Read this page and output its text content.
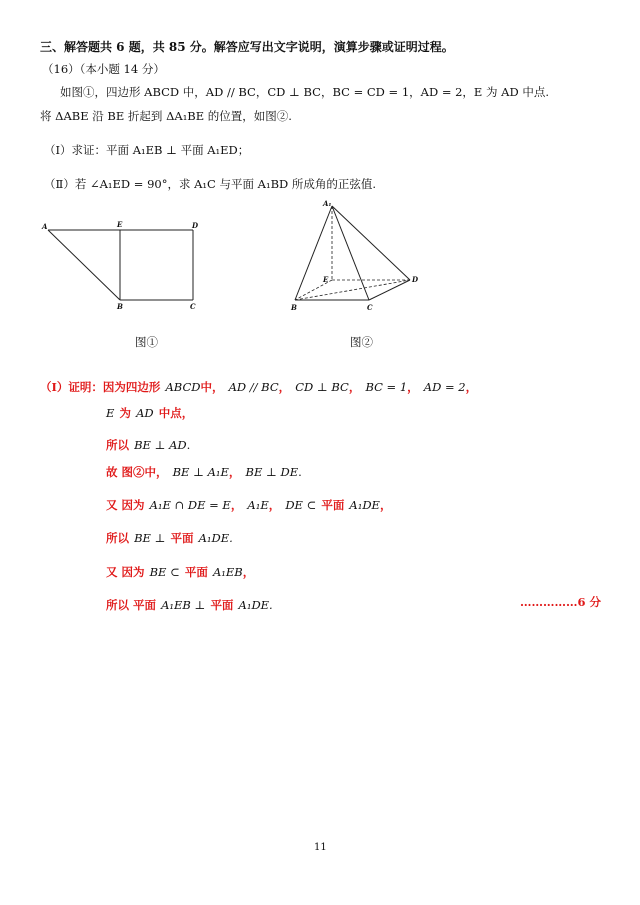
三、解答题共 6 题，共 85 分。解答应写出文字说明，演算步骤或证明过程。
（16）（本小题 14 分）
如图①，四边形 ABCD 中，AD // BC，CD ⊥ BC，BC = CD = 1，AD = 2，E 为 AD 中点.
将 ΔABE 沿 BE 折起到 ΔA₁BE 的位置，如图②.
（Ⅰ）求证：平面 A₁EB ⊥ 平面 A₁ED；
（Ⅱ）若 ∠A₁ED = 90°，求 A₁C 与平面 A₁BD 所成角的正弦值.
A	E	D
B	C
图①
A₁
E	D
B	C
图②
（Ⅰ）证明：因为四边形 ABCD中， AD // BC， CD ⊥ BC， BC = 1， AD = 2，
E 为 AD 中点，
所以 BE ⊥ AD.
故 图②中， BE ⊥ A₁E， BE ⊥ DE.
又 因为 A₁E ∩ DE = E， A₁E， DE ⊂ 平面 A₁DE，
所以 BE ⊥ 平面 A₁DE.
又 因为 BE ⊂ 平面 A₁EB，
所以 平面 A₁EB ⊥ 平面 A₁DE.	……………6 分
11
